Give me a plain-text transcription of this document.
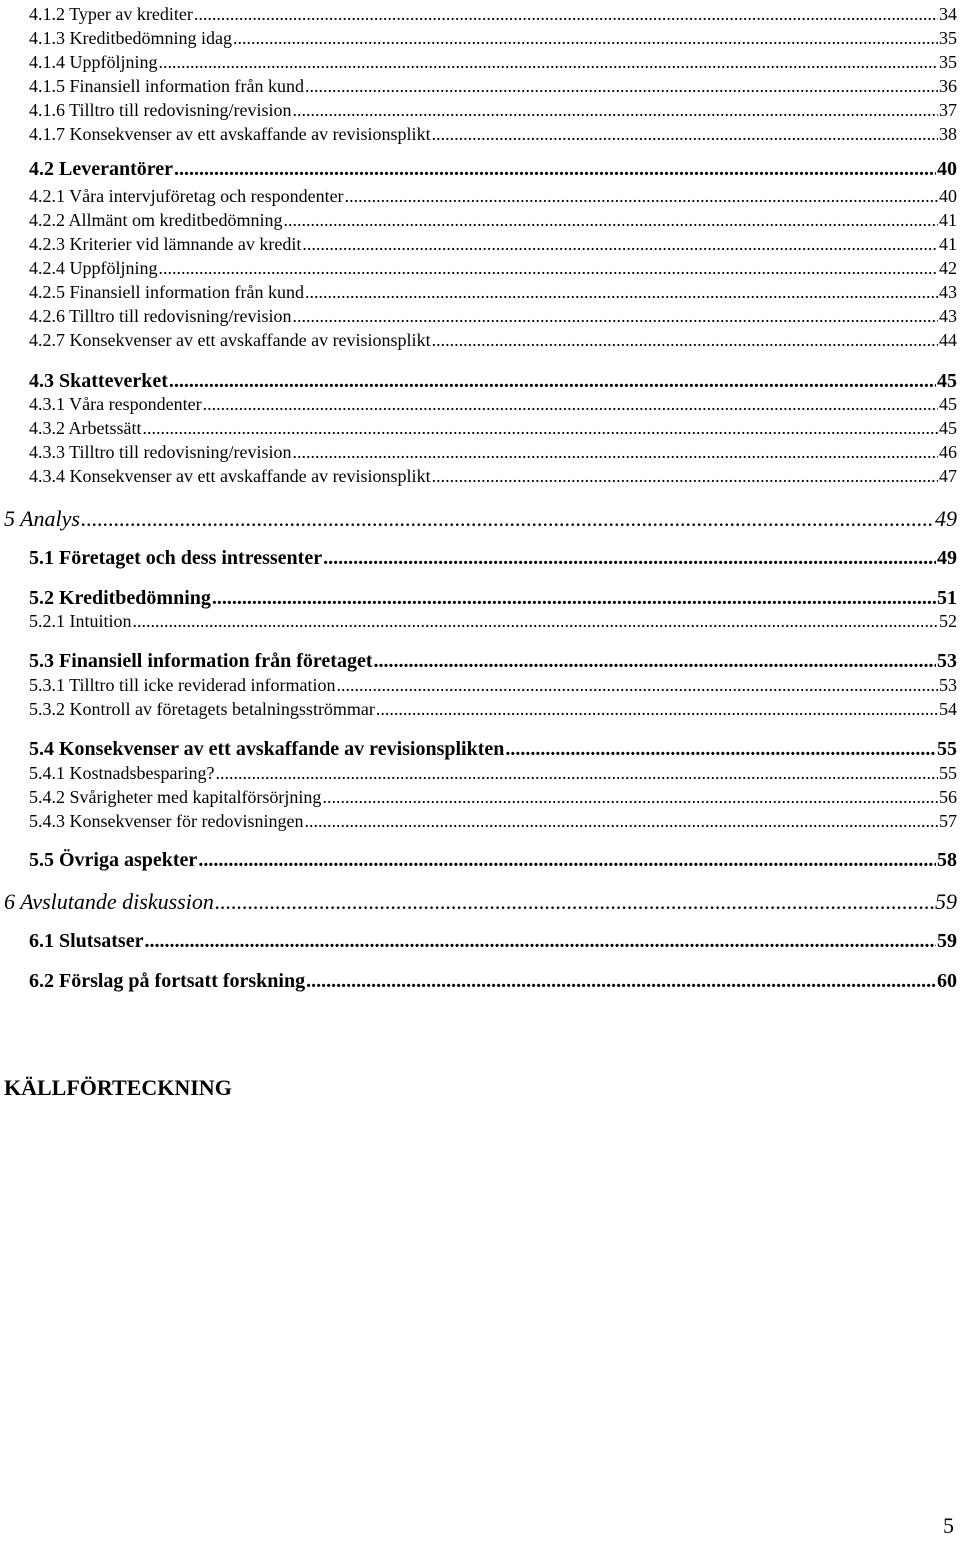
4.1.2 Typer av krediter .....	34
4.1.3 Kreditbedömning idag .....	35
4.1.4 Uppföljning .....	35
4.1.5 Finansiell information från kund .....	36
4.1.6 Tilltro till redovisning/revision .....	37
4.1.7 Konsekvenser av ett avskaffande av revisionsplikt .....	38
4.2 Leverantörer .....	40
4.2.1 Våra intervjuföretag och respondenter .....	40
4.2.2 Allmänt om kreditbedömning .....	41
4.2.3 Kriterier vid lämnande av kredit .....	41
4.2.4 Uppföljning .....	42
4.2.5 Finansiell information från kund .....	43
4.2.6 Tilltro till redovisning/revision .....	43
4.2.7 Konsekvenser av ett avskaffande av revisionsplikt .....	44
4.3 Skatteverket .....	45
4.3.1 Våra respondenter .....	45
4.3.2 Arbetssätt .....	45
4.3.3 Tilltro till redovisning/revision .....	46
4.3.4 Konsekvenser av ett avskaffande av revisionsplikt .....	47
5 Analys .....	49
5.1 Företaget och dess intressenter .....	49
5.2 Kreditbedömning .....	51
5.2.1 Intuition .....	52
5.3 Finansiell information från företaget .....	53
5.3.1 Tilltro till icke reviderad information .....	53
5.3.2 Kontroll av företagets betalningsströmmar .....	54
5.4 Konsekvenser av ett avskaffande av revisionsplikten .....	55
5.4.1 Kostnadsbesparing? .....	55
5.4.2 Svårigheter med kapitalförsörjning .....	56
5.4.3 Konsekvenser för redovisningen .....	57
5.5 Övriga aspekter .....	58
6 Avslutande diskussion .....	59
6.1 Slutsatser .....	59
6.2 Förslag på fortsatt forskning .....	60
KÄLLFÖRTECKNING
5
